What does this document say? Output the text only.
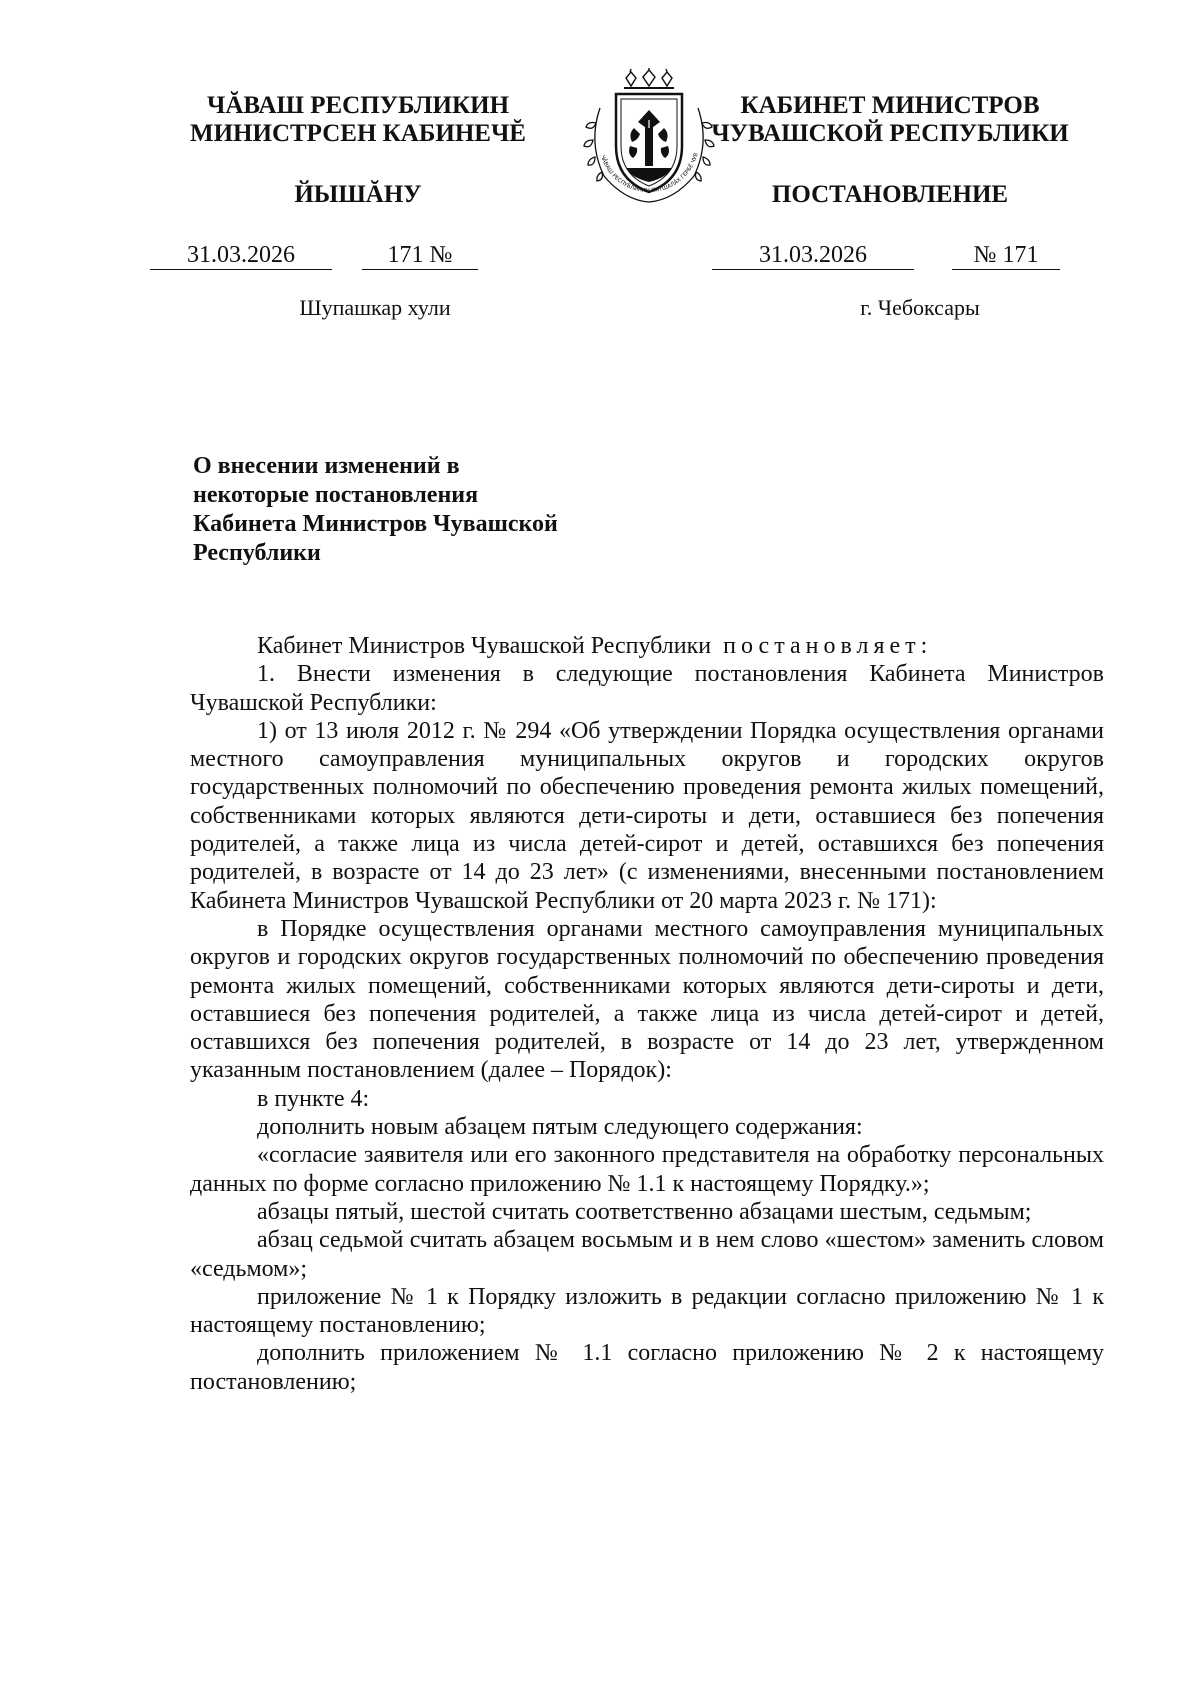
ЧĂВАШ РЕСПУБЛИКИН
МИНИСТРСЕН КАБИНЕЧĔ
ЙЫШĂНУ
31.03.2026	171 №
Шупашкар хули
ЧĂВАШ РЕСПУБЛИКИН ПАТШАЛĂХ ГЕРБĔ ЧУВ
КАБИНЕТ МИНИСТРОВ
ЧУВАШСКОЙ РЕСПУБЛИКИ
ПОСТАНОВЛЕНИЕ
31.03.2026	№ 171
г. Чебоксары
О внесении изменений в некоторые постановления Кабинета Министров Чувашской Республики

Кабинет Министров Чувашской Республики  постановляет:

1. Внести изменения в следующие постановления Кабинета Министров Чувашской Республики:

1) от 13 июля 2012 г. № 294 «Об утверждении Порядка осуществления органами местного самоуправления муниципальных округов и городских округов государственных полномочий по обеспечению проведения ремонта жилых помещений, собственниками которых являются дети-сироты и дети, оставшиеся без попечения родителей, а также лица из числа детей-сирот и детей, оставшихся без попечения родителей, в возрасте от 14 до 23 лет» (с изменениями, внесенными постановлением Кабинета Министров Чувашской Республики от 20 марта 2023 г. № 171):

в Порядке осуществления органами местного самоуправления муниципальных округов и городских округов государственных полномочий по обеспечению проведения ремонта жилых помещений, собственниками которых являются дети-сироты и дети, оставшиеся без попечения родителей, а также лица из числа детей-сирот и детей, оставшихся без попечения родителей, в возрасте от 14 до 23 лет, утвержденном указанным постановлением (далее – Порядок):

в пункте 4:

дополнить новым абзацем пятым следующего содержания:

«согласие заявителя или его законного представителя на обработку персональных данных по форме согласно приложению № 1.1 к настоящему Порядку.»;

абзацы пятый, шестой считать соответственно абзацами шестым, седьмым;

абзац седьмой считать абзацем восьмым и в нем слово «шестом» заменить словом «седьмом»;

приложение № 1 к Порядку изложить в редакции согласно приложению № 1 к настоящему постановлению;

дополнить приложением № 1.1 согласно приложению № 2 к настоящему постановлению;
